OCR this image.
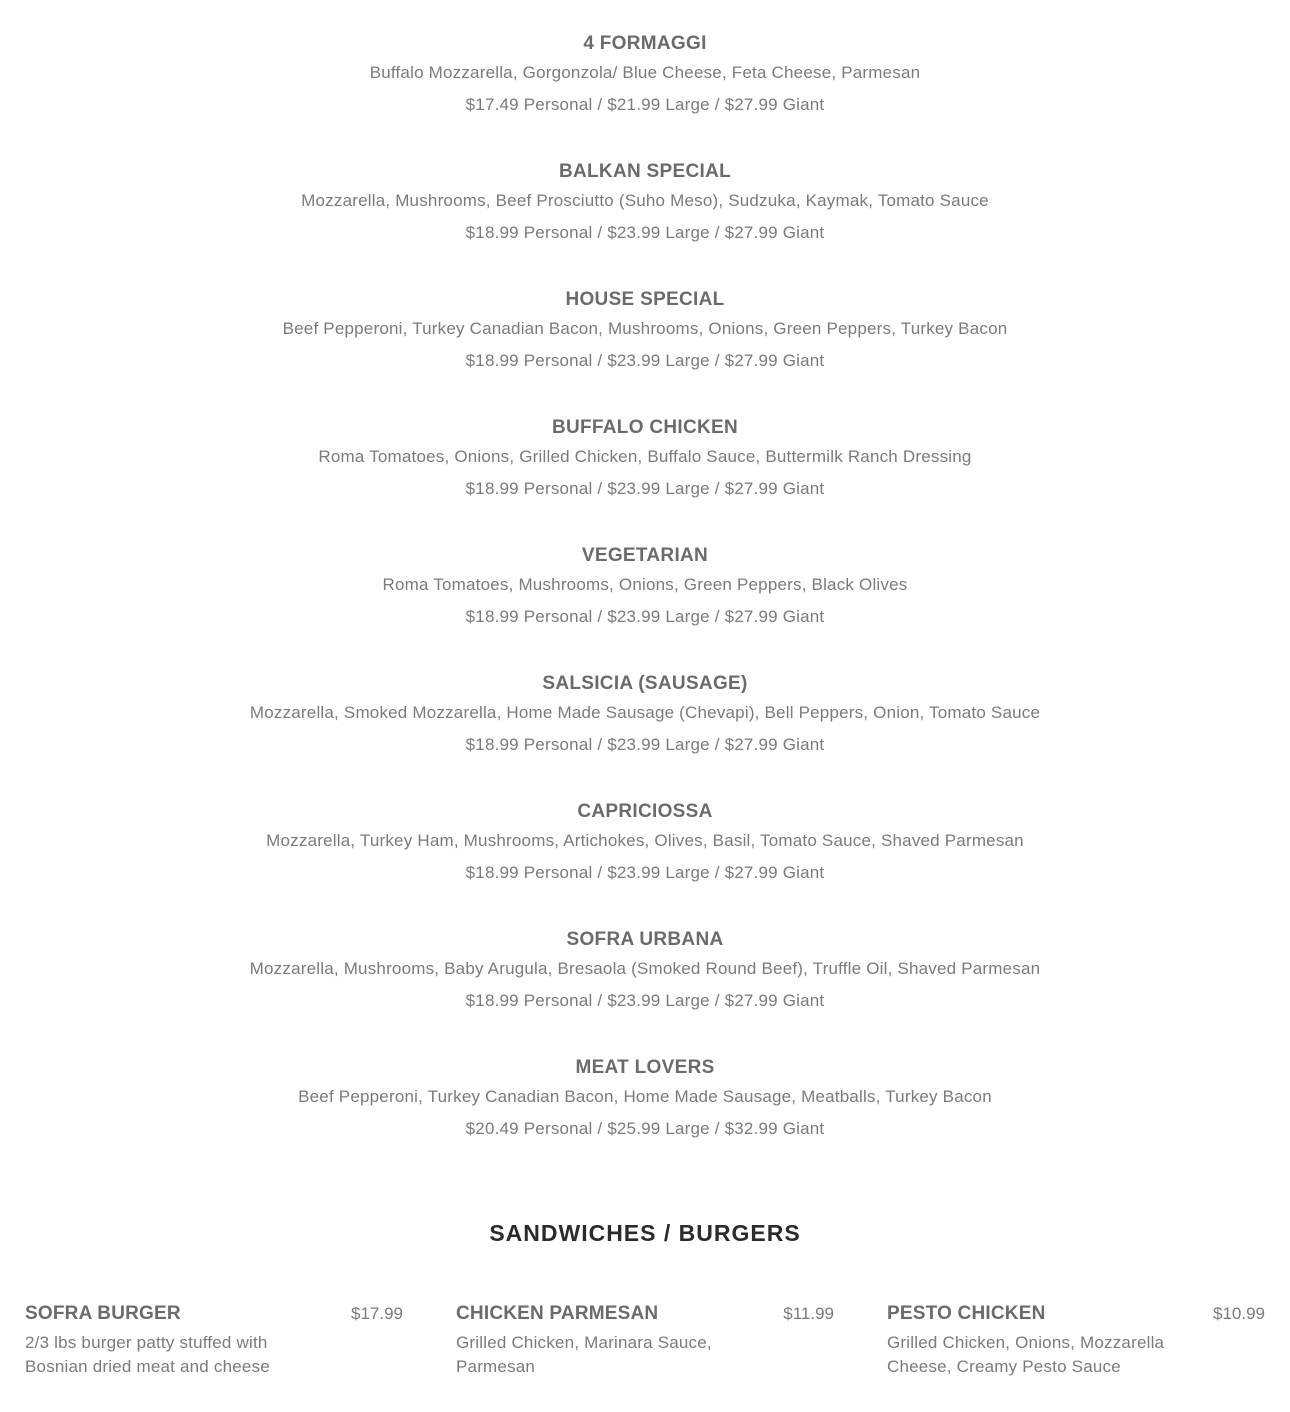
4 FORMAGGI
Buffalo Mozzarella, Gorgonzola/ Blue Cheese, Feta Cheese, Parmesan
$17.49 Personal / $21.99 Large / $27.99 Giant
BALKAN SPECIAL
Mozzarella, Mushrooms, Beef Prosciutto (Suho Meso), Sudzuka, Kaymak, Tomato Sauce
$18.99 Personal / $23.99 Large / $27.99 Giant
HOUSE SPECIAL
Beef Pepperoni, Turkey Canadian Bacon, Mushrooms, Onions, Green Peppers, Turkey Bacon
$18.99 Personal / $23.99 Large / $27.99 Giant
BUFFALO CHICKEN
Roma Tomatoes, Onions, Grilled Chicken, Buffalo Sauce, Buttermilk Ranch Dressing
$18.99 Personal / $23.99 Large / $27.99 Giant
VEGETARIAN
Roma Tomatoes, Mushrooms, Onions, Green Peppers, Black Olives
$18.99 Personal / $23.99 Large / $27.99 Giant
SALSICIA (SAUSAGE)
Mozzarella, Smoked Mozzarella, Home Made Sausage (Chevapi), Bell Peppers, Onion, Tomato Sauce
$18.99 Personal / $23.99 Large / $27.99 Giant
CAPRICIOSSA
Mozzarella, Turkey Ham, Mushrooms, Artichokes, Olives, Basil, Tomato Sauce, Shaved Parmesan
$18.99 Personal / $23.99 Large / $27.99 Giant
SOFRA URBANA
Mozzarella, Mushrooms, Baby Arugula, Bresaola (Smoked Round Beef), Truffle Oil, Shaved Parmesan
$18.99 Personal / $23.99 Large / $27.99 Giant
MEAT LOVERS
Beef Pepperoni, Turkey Canadian Bacon, Home Made Sausage, Meatballs, Turkey Bacon
$20.49 Personal / $25.99 Large / $32.99 Giant
SANDWICHES / BURGERS
SOFRA BURGER	$17.99
2/3 lbs burger patty stuffed with Bosnian dried meat and cheese
CHICKEN PARMESAN	$11.99
Grilled Chicken, Marinara Sauce, Parmesan
PESTO CHICKEN	$10.99
Grilled Chicken, Onions, Mozzarella Cheese, Creamy Pesto Sauce
